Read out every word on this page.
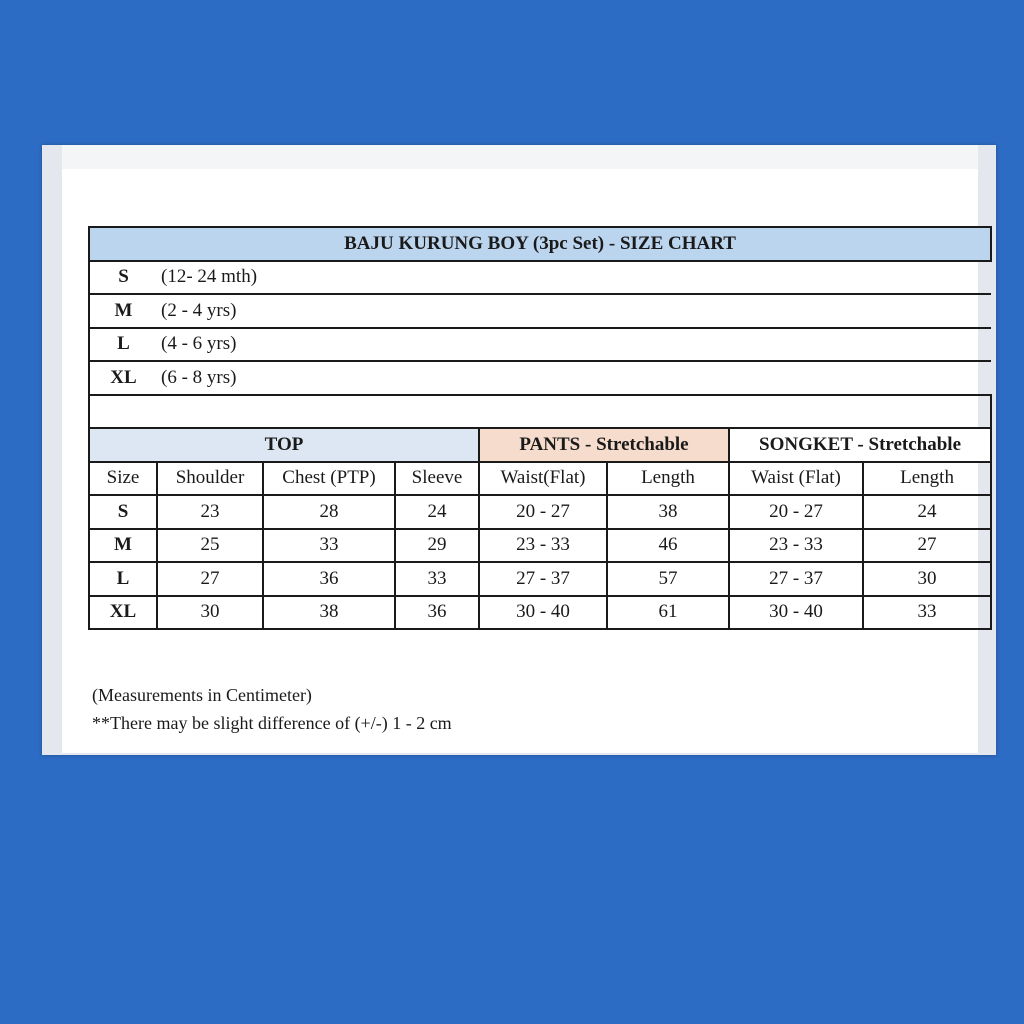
BAJU KURUNG BOY (3pc Set) - SIZE CHART							
S	(12- 24 mth)						
M	(2 - 4 yrs)						
L	(4 - 6 yrs)						
XL	(6 - 8 yrs)						

TOP				PANTS - Stretchable		SONGKET - Stretchable	
Size	Shoulder	Chest (PTP)	Sleeve	Waist(Flat)	Length	Waist (Flat)	Length
S	23	28	24	20 - 27	38	20 - 27	24
M	25	33	29	23 - 33	46	23 - 33	27
L	27	36	33	27 - 37	57	27 - 37	30
XL	30	38	36	30 - 40	61	30 - 40	33
(Measurements in Centimeter)
**There may be slight difference of (+/-) 1 - 2 cm
